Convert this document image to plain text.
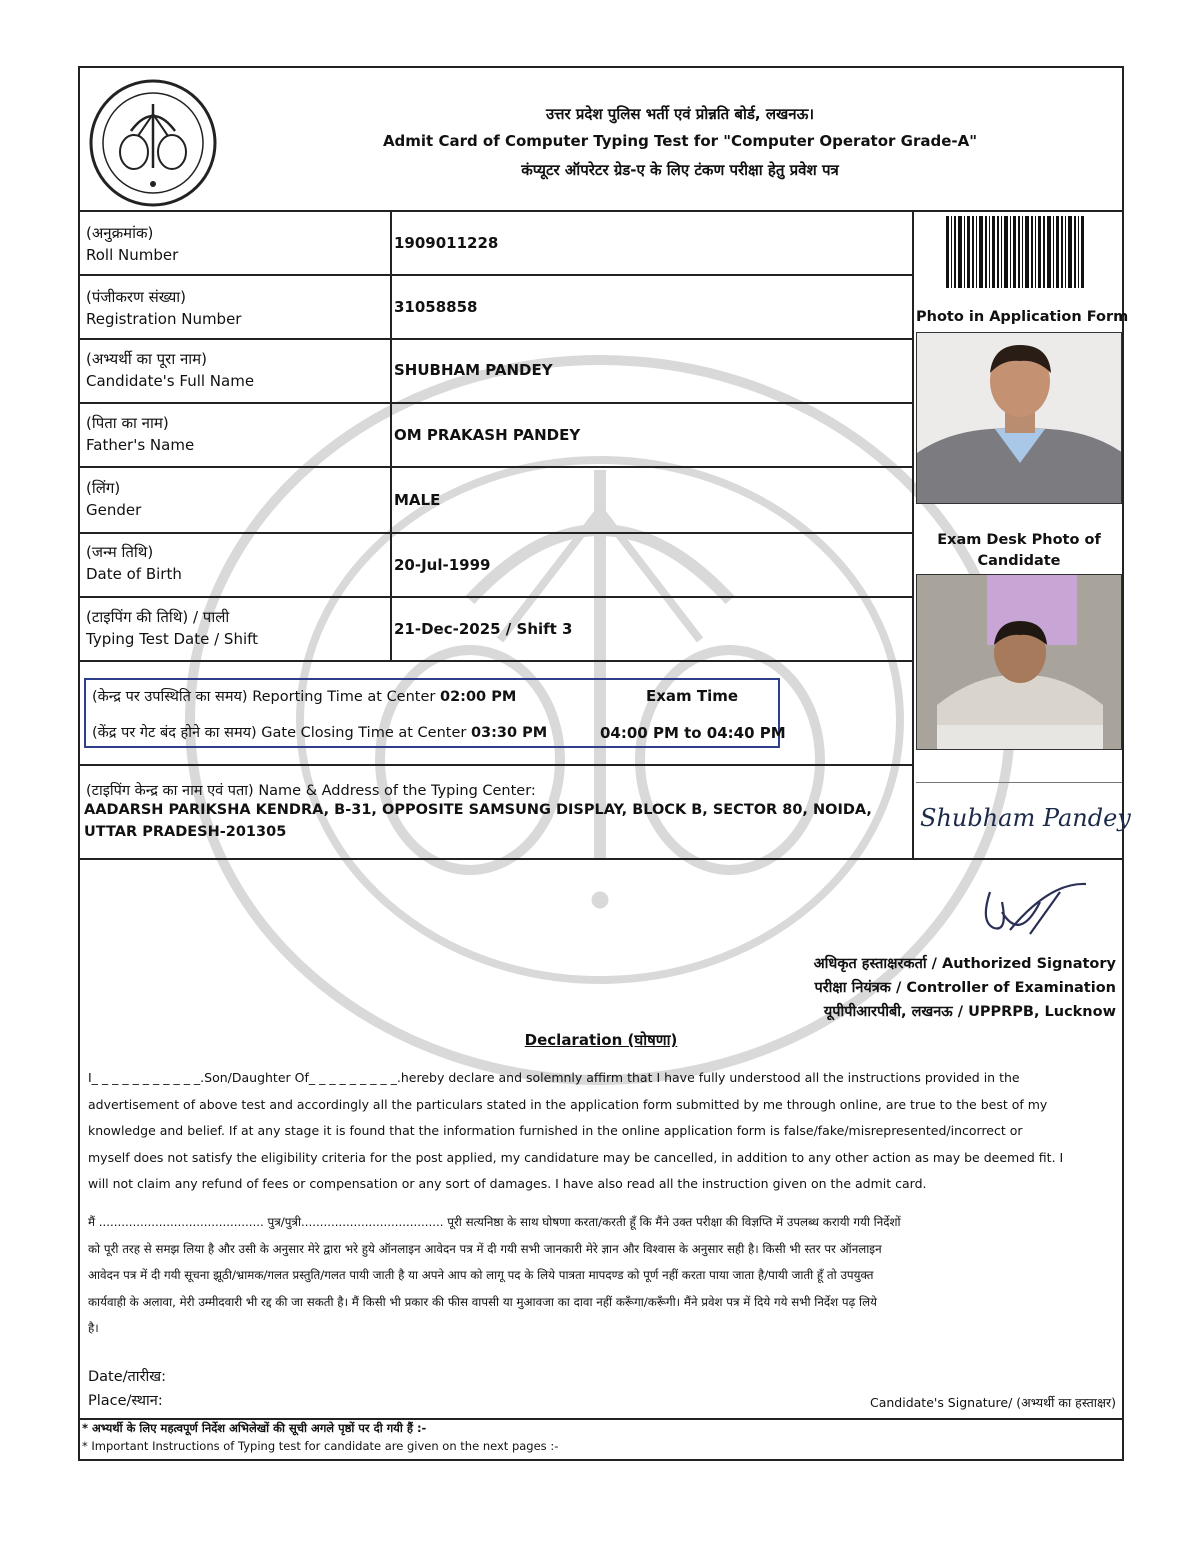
उत्तर प्रदेश पुलिस भर्ती एवं प्रोन्नति बोर्ड, लखनऊ।
Admit Card of Computer Typing Test for "Computer Operator Grade-A"
कंप्यूटर ऑपरेटर ग्रेड-ए के लिए टंकण परीक्षा हेतु प्रवेश पत्र
(अनुक्रमांक)
Roll Number
1909011228
(पंजीकरण संख्या)
Registration Number
31058858
(अभ्यर्थी का पूरा नाम)
Candidate's Full Name
SHUBHAM PANDEY
(पिता का नाम)
Father's Name
OM PRAKASH PANDEY
(लिंग)
Gender
MALE
(जन्म तिथि)
Date of Birth	20-Jul-1999
(टाइपिंग की तिथि) / पाली
Typing Test Date / Shift
21-Dec-2025 / Shift 3
(केन्द्र पर उपस्थिति का समय) Reporting Time at Center 02:00 PM
(केंद्र पर गेट बंद होने का समय) Gate Closing Time at Center 03:30 PM
Exam Time
04:00 PM to 04:40 PM
(टाइपिंग केन्द्र का नाम एवं पता) Name & Address of the Typing Center:
AADARSH PARIKSHA KENDRA, B-31, OPPOSITE SAMSUNG DISPLAY, BLOCK B, SECTOR 80, NOIDA,
UTTAR PRADESH-201305
Photo in Application Form
Exam Desk Photo of
Candidate
Shubham Pandey
अधिकृत हस्ताक्षरकर्ता / Authorized Signatory
परीक्षा नियंत्रक / Controller of Examination
यूपीपीआरपीबी, लखनऊ / UPPRPB, Lucknow
Declaration (घोषणा)
I_ _ _ _ _ _ _ _ _ _ _.Son/Daughter Of_ _ _ _ _ _ _ _ _.hereby declare and solemnly affirm that I have fully understood all the instructions provided in the
advertisement of above test and accordingly all the particulars stated in the application form submitted by me through online, are true to the best of my
knowledge and belief. If at any stage it is found that the information furnished in the online application form is false/fake/misrepresented/incorrect or
myself does not satisfy the eligibility criteria for the post applied, my candidature may be cancelled, in addition to any other action as may be deemed fit. I
will not claim any refund of fees or compensation or any sort of damages. I have also read all the instruction given on the admit card.
मैं ............................................ पुत्र/पुत्री...................................... पूरी सत्यनिष्ठा के साथ घोषणा करता/करती हूँ कि मैंने उक्त परीक्षा की विज्ञप्ति में उपलब्ध करायी गयी निर्देशों
को पूरी तरह से समझ लिया है और उसी के अनुसार मेरे द्वारा भरे हुये ऑनलाइन आवेदन पत्र में दी गयी सभी जानकारी मेरे ज्ञान और विश्वास के अनुसार सही है। किसी भी स्तर पर ऑनलाइन
आवेदन पत्र में दी गयी सूचना झूठी/भ्रामक/गलत प्रस्तुति/गलत पायी जाती है या अपने आप को लागू पद के लिये पात्रता मापदण्ड को पूर्ण नहीं करता पाया जाता है/पायी जाती हूँ तो उपयुक्त
कार्यवाही के अलावा, मेरी उम्मीदवारी भी रद्द की जा सकती है। मैं किसी भी प्रकार की फीस वापसी या मुआवजा का दावा नहीं करूँगा/करूँगी। मैंने प्रवेश पत्र में दिये गये सभी निर्देश पढ़ लिये
है।
Date/तारीख:
Place/स्थान:	Candidate's Signature/ (अभ्यर्थी का हस्ताक्षर)
* अभ्यर्थी के लिए महत्वपूर्ण निर्देश अभिलेखों की सूची अगले पृष्ठों पर दी गयी हैं :-
* Important Instructions of Typing test for candidate are given on the next pages :-
